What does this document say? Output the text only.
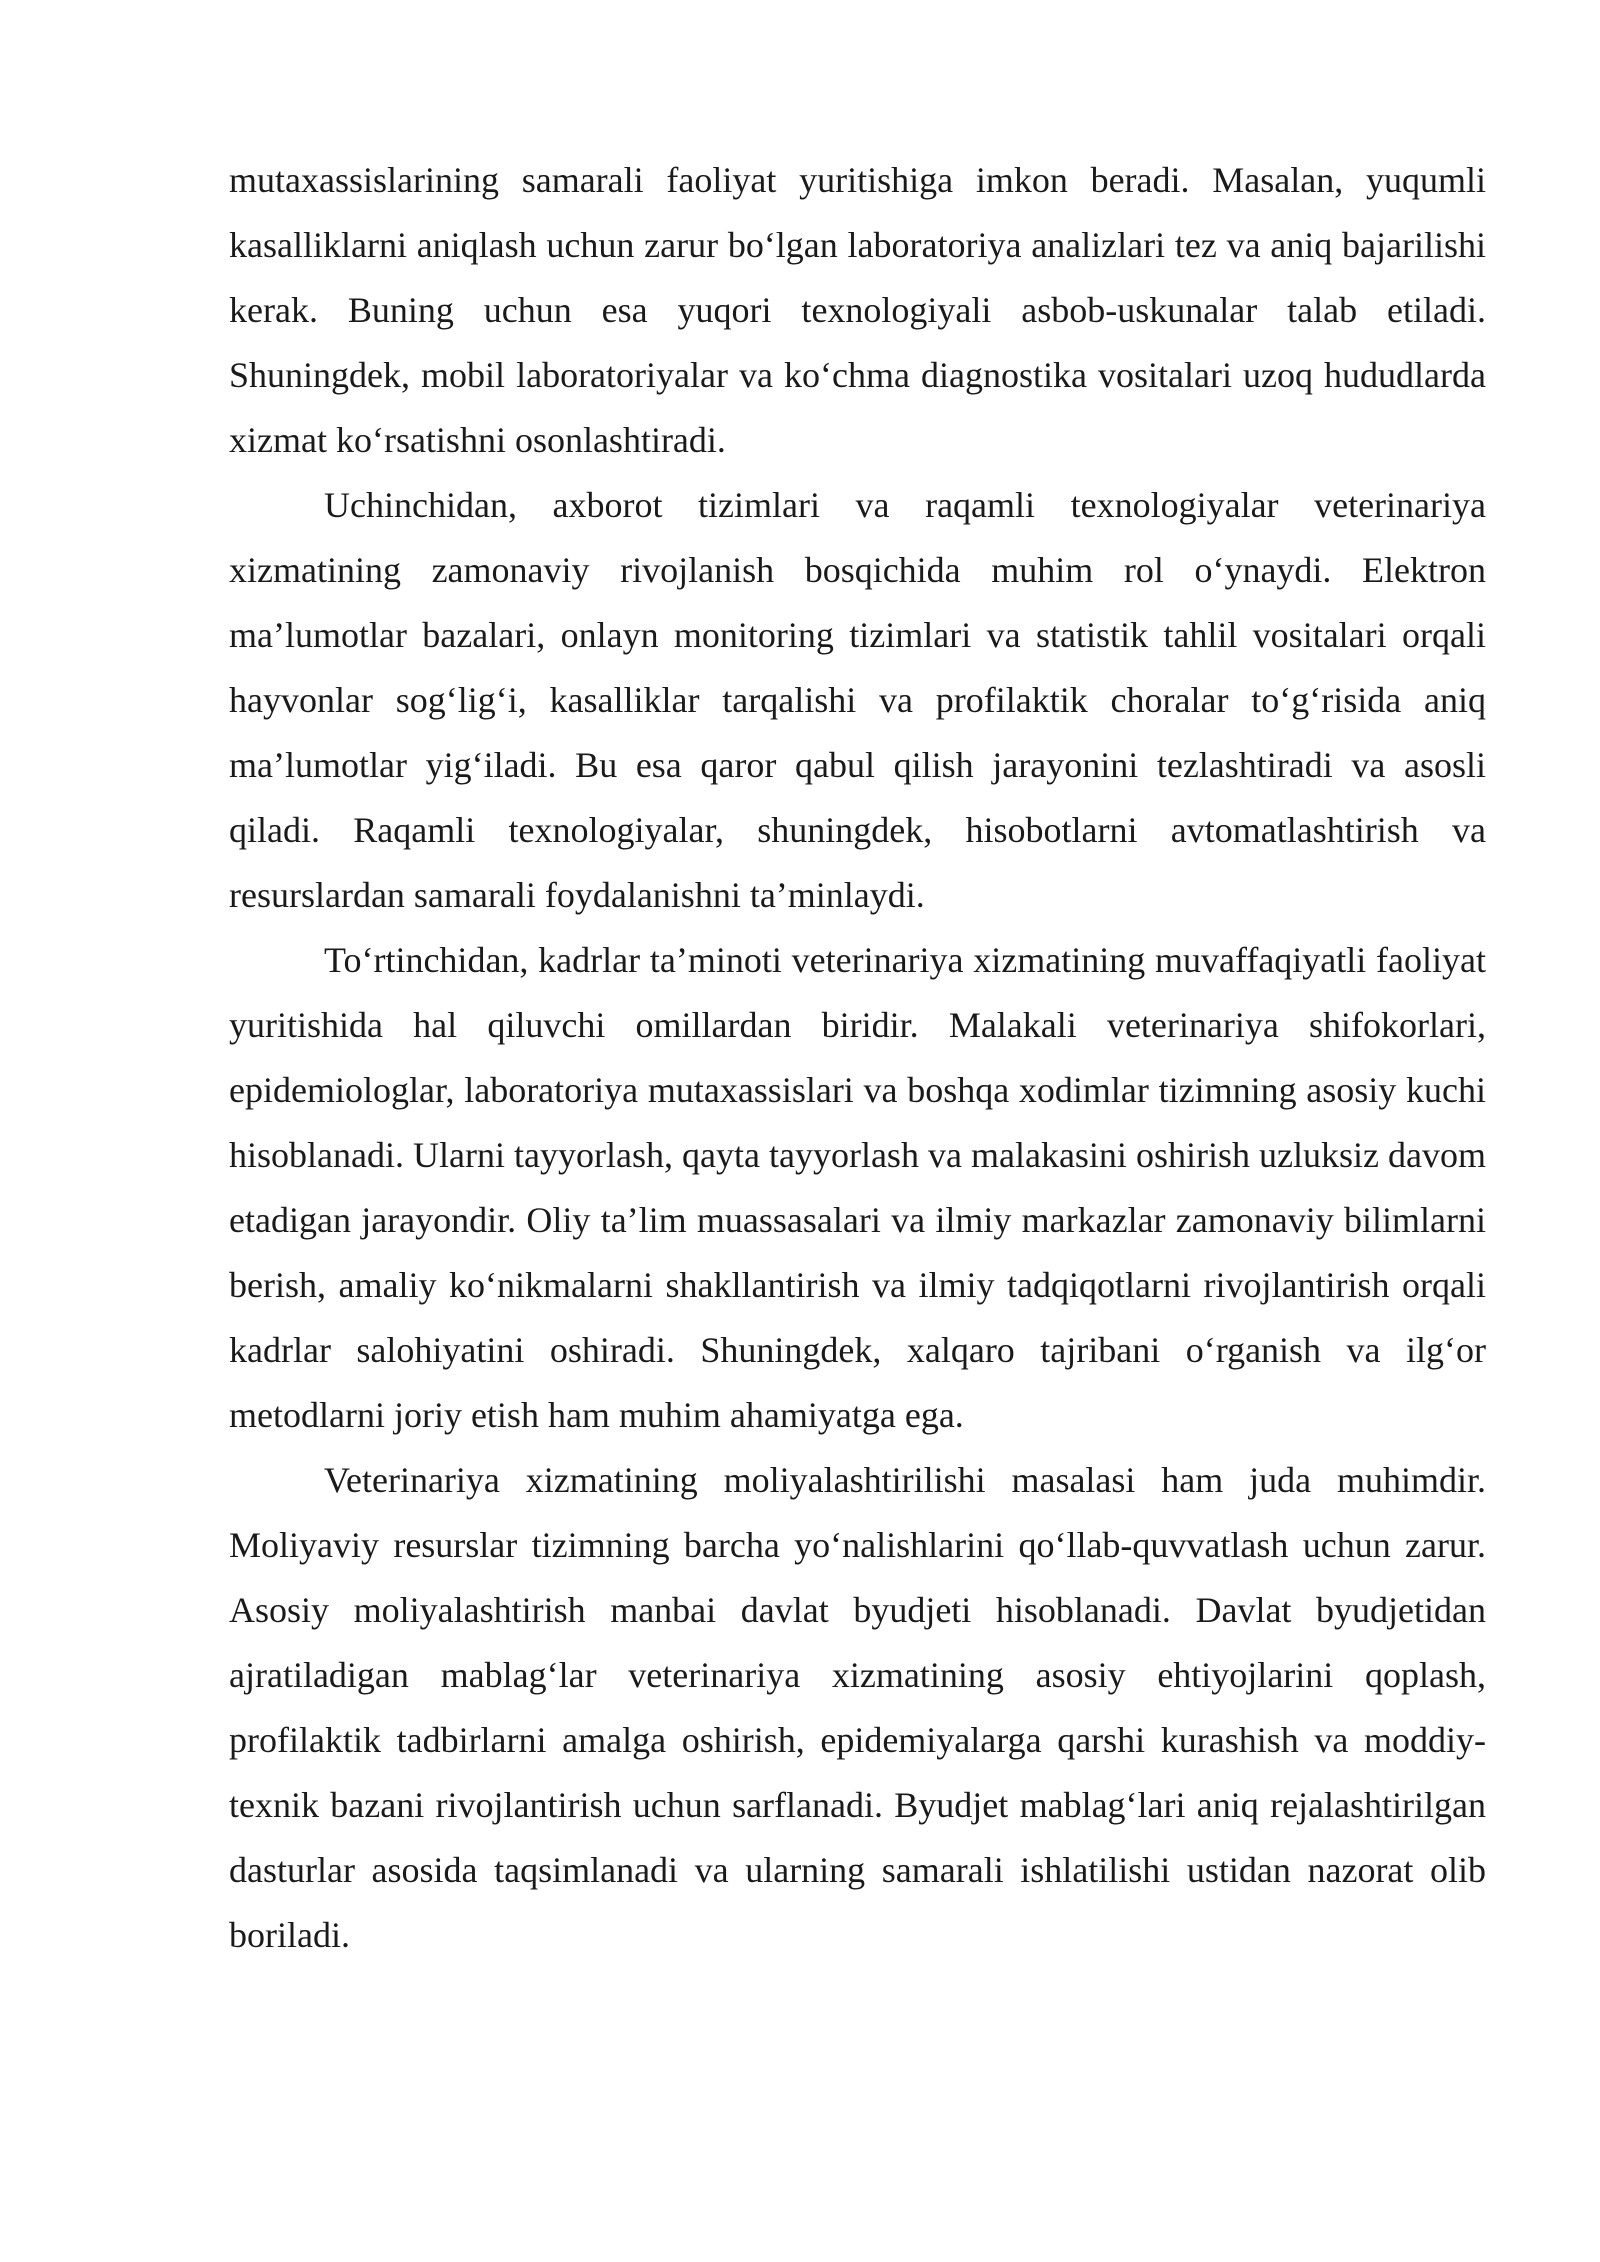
mutaxassislarining samarali faoliyat yuritishiga imkon beradi. Masalan, yuqumli kasalliklarni aniqlash uchun zarur bo‘lgan laboratoriya analizlari tez va aniq bajarilishi kerak. Buning uchun esa yuqori texnologiyali asbob-uskunalar talab etiladi. Shuningdek, mobil laboratoriyalar va ko‘chma diagnostika vositalari uzoq hududlarda xizmat ko‘rsatishni osonlashtiradi.

Uchinchidan, axborot tizimlari va raqamli texnologiyalar veterinariya xizmatining zamonaviy rivojlanish bosqichida muhim rol o‘ynaydi. Elektron ma’lumotlar bazalari, onlayn monitoring tizimlari va statistik tahlil vositalari orqali hayvonlar sog‘lig‘i, kasalliklar tarqalishi va profilaktik choralar to‘g‘risida aniq ma’lumotlar yig‘iladi. Bu esa qaror qabul qilish jarayonini tezlashtiradi va asosli qiladi. Raqamli texnologiyalar, shuningdek, hisobotlarni avtomatlashtirish va resurslardan samarali foydalanishni ta’minlaydi.

To‘rtinchidan, kadrlar ta’minoti veterinariya xizmatining muvaffaqiyatli faoliyat yuritishida hal qiluvchi omillardan biridir. Malakali veterinariya shifokorlari, epidemiologlar, laboratoriya mutaxassislari va boshqa xodimlar tizimning asosiy kuchi hisoblanadi. Ularni tayyorlash, qayta tayyorlash va malakasini oshirish uzluksiz davom etadigan jarayondir. Oliy ta’lim muassasalari va ilmiy markazlar zamonaviy bilimlarni berish, amaliy ko‘nikmalarni shakllantirish va ilmiy tadqiqotlarni rivojlantirish orqali kadrlar salohiyatini oshiradi. Shuningdek, xalqaro tajribani o‘rganish va ilg‘or metodlarni joriy etish ham muhim ahamiyatga ega.

Veterinariya xizmatining moliyalashtirilishi masalasi ham juda muhimdir. Moliyaviy resurslar tizimning barcha yo‘nalishlarini qo‘llab-quvvatlash uchun zarur. Asosiy moliyalashtirish manbai davlat byudjeti hisoblanadi. Davlat byudjetidan ajratiladigan mablag‘lar veterinariya xizmatining asosiy ehtiyojlarini qoplash, profilaktik tadbirlarni amalga oshirish, epidemiyalarga qarshi kurashish va moddiy-texnik bazani rivojlantirish uchun sarflanadi. Byudjet mablag‘lari aniq rejalashtirilgan dasturlar asosida taqsimlanadi va ularning samarali ishlatilishi ustidan nazorat olib boriladi.
